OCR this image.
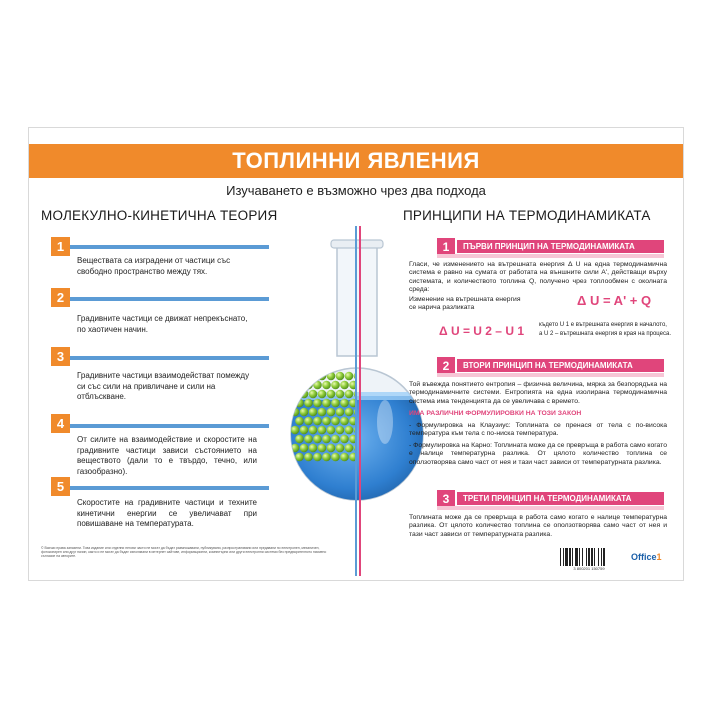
ТОПЛИННИ ЯВЛЕНИЯ
Изучаването е възможно чрез два подхода
МОЛЕКУЛНО-КИНЕТИЧНА ТЕОРИЯ	ПРИНЦИПИ НА ТЕРМОДИНАМИКАТА
1
Веществата са изградени от частици със свободно пространство между тях.
2
Градивните частици се движат непрекъснато, по хаотичен начин.
3
Градивните частици взаимодействат помежду си със сили на привличане и сили на отблъскване.
4
От силите на взаимодействие и скоростите на градивните частици зависи състоянието на веществото (дали то е твърдо, течно, или газообразно).
5
Скоростите на градивните частици и техните кинетични енергии се увеличават при повишаване на температурата.
1	ПЪРВИ ПРИНЦИП НА ТЕРМОДИНАМИКАТА
Гласи, че изменението на вътрешната енергия Δ U на една термодинамична система е равно на сумата от работата на външните сили A', действащи върху системата, и количеството топлина Q, получено чрез топлообмен с околната среда:
Изменение на вътрешната енергия се нарича разликата	Δ U = A' + Q
Δ U = U 2 – U 1	където U 1 е вътрешната енергия в началото,
а U 2 – вътрешната енергия в края на процеса.
2	ВТОРИ ПРИНЦИП НА ТЕРМОДИНАМИКАТА
Той въвежда понятието ентропия – физична величина, мярка за безпорядъка на термодинамичните системи. Ентропията на една изолирана термодинамична система има тенденцията да се увеличава с времето.
ИМА РАЗЛИЧНИ ФОРМУЛИРОВКИ НА ТОЗИ ЗАКОН
- Формулировка на Клаузиус: Топлината се пренася от тела с по-висока температура към тела с по-ниска температура.
- Формулировка на Карно: Топлината може да се превръща в работа само когато е налице температурна разлика. От цялото количество топлина се оползотворява само част от нея и тази част зависи от температурната разлика.
3	ТРЕТИ ПРИНЦИП НА ТЕРМОДИНАМИКАТА
Топлината може да се превръща в работа само когато е налице температурна разлика. От цялото количество топлина се оползотворява само част от нея и тази част зависи от температурната разлика.
© Всички права запазени. Това издание или отделни негови части не могат да бъдат размножавани, публикувани, разпространявани или предавани по електронен, механичен, фотокопирен или друг начин, както и не могат да бъдат използвани в интернет сайтове, информационни, компютърни или други електронни системи без предварителното писмено съгласие на авторите.
3 800201 150759
Office1
